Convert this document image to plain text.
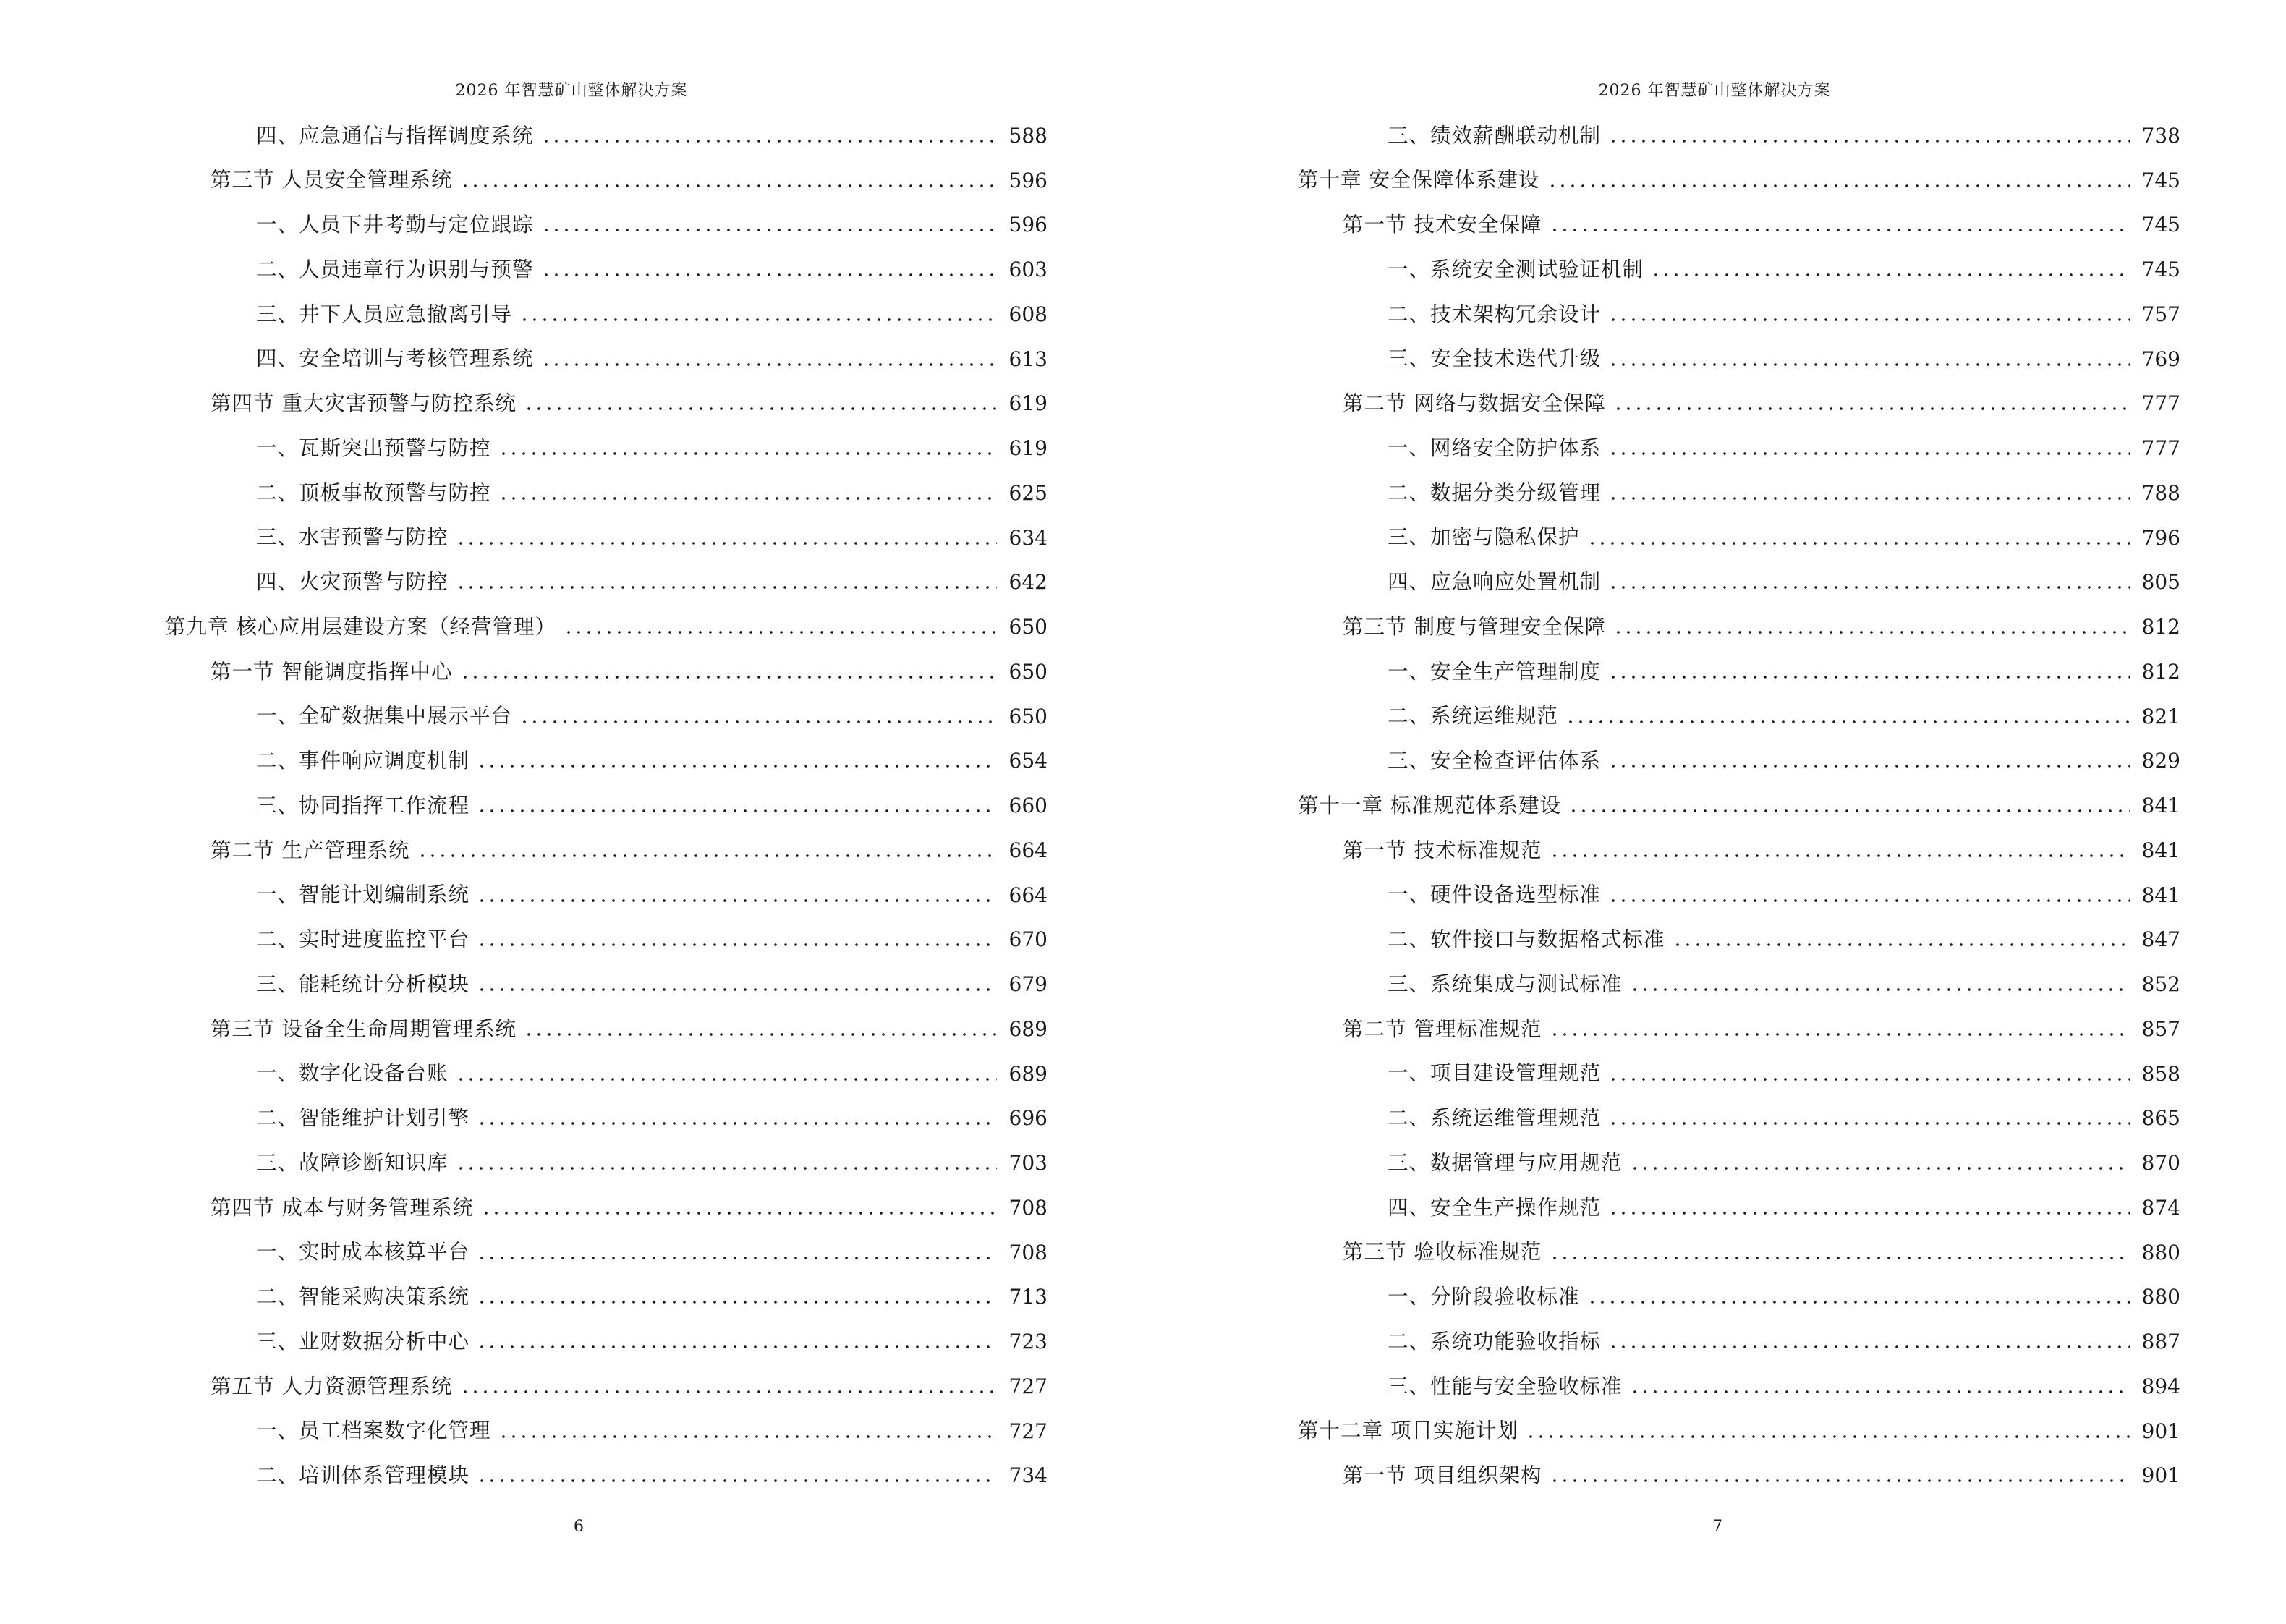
2026 年智慧矿山整体解决方案
四、应急通信与指挥调度系统	588
第三节 人员安全管理系统	596
一、人员下井考勤与定位跟踪	596
二、人员违章行为识别与预警	603
三、井下人员应急撤离引导	608
四、安全培训与考核管理系统	613
第四节 重大灾害预警与防控系统	619
一、瓦斯突出预警与防控	619
二、顶板事故预警与防控	625
三、水害预警与防控	634
四、火灾预警与防控	642
第九章 核心应用层建设方案（经营管理）	650
第一节 智能调度指挥中心	650
一、全矿数据集中展示平台	650
二、事件响应调度机制	654
三、协同指挥工作流程	660
第二节 生产管理系统	664
一、智能计划编制系统	664
二、实时进度监控平台	670
三、能耗统计分析模块	679
第三节 设备全生命周期管理系统	689
一、数字化设备台账	689
二、智能维护计划引擎	696
三、故障诊断知识库	703
第四节 成本与财务管理系统	708
一、实时成本核算平台	708
二、智能采购决策系统	713
三、业财数据分析中心	723
第五节 人力资源管理系统	727
一、员工档案数字化管理	727
二、培训体系管理模块	734
6
2026 年智慧矿山整体解决方案
三、绩效薪酬联动机制	738
第十章 安全保障体系建设	745
第一节 技术安全保障	745
一、系统安全测试验证机制	745
二、技术架构冗余设计	757
三、安全技术迭代升级	769
第二节 网络与数据安全保障	777
一、网络安全防护体系	777
二、数据分类分级管理	788
三、加密与隐私保护	796
四、应急响应处置机制	805
第三节 制度与管理安全保障	812
一、安全生产管理制度	812
二、系统运维规范	821
三、安全检查评估体系	829
第十一章 标准规范体系建设	841
第一节 技术标准规范	841
一、硬件设备选型标准	841
二、软件接口与数据格式标准	847
三、系统集成与测试标准	852
第二节 管理标准规范	857
一、项目建设管理规范	858
二、系统运维管理规范	865
三、数据管理与应用规范	870
四、安全生产操作规范	874
第三节 验收标准规范	880
一、分阶段验收标准	880
二、系统功能验收指标	887
三、性能与安全验收标准	894
第十二章 项目实施计划	901
第一节 项目组织架构	901
7
